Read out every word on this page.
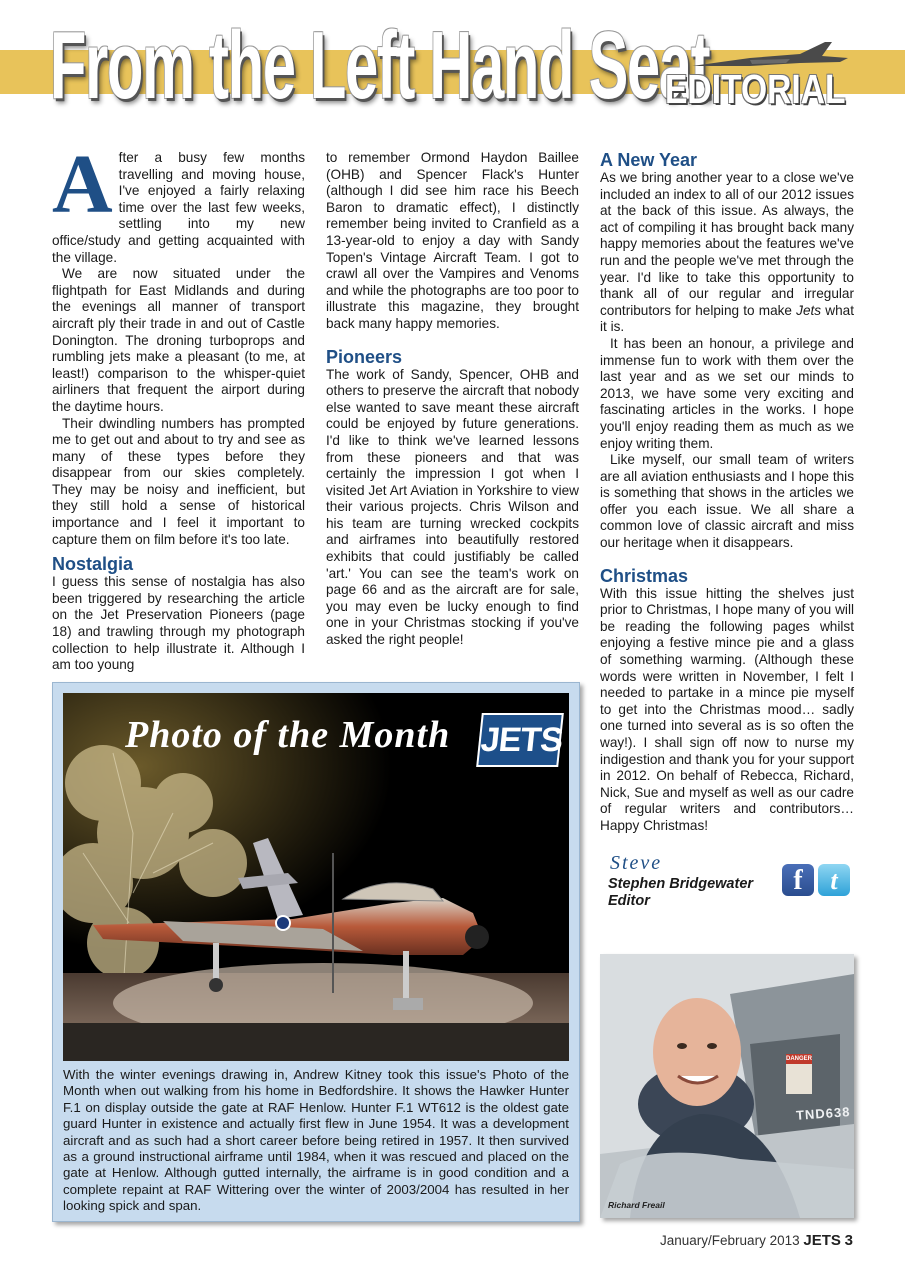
From the Left Hand Seat
EDITORIAL

After a busy few months travelling and moving house, I've enjoyed a fairly relaxing time over the last few weeks, settling into my new office/study and getting acquainted with the village.

We are now situated under the flightpath for East Midlands and during the evenings all manner of transport aircraft ply their trade in and out of Castle Donington. The droning turboprops and rumbling jets make a pleasant (to me, at least!) comparison to the whisper-quiet airliners that frequent the airport during the daytime hours.

Their dwindling numbers has prompted me to get out and about to try and see as many of these types before they disappear from our skies completely. They may be noisy and inefficient, but they still hold a sense of historical importance and I feel it important to capture them on film before it's too late.

Nostalgia

I guess this sense of nostalgia has also been triggered by researching the article on the Jet Preservation Pioneers (page 18) and trawling through my photograph collection to help illustrate it. Although I am too young

to remember Ormond Haydon Baillee (OHB) and Spencer Flack's Hunter (although I did see him race his Beech Baron to dramatic effect), I distinctly remember being invited to Cranfield as a 13-year-old to enjoy a day with Sandy Topen's Vintage Aircraft Team. I got to crawl all over the Vampires and Venoms and while the photographs are too poor to illustrate this magazine, they brought back many happy memories.

Pioneers

The work of Sandy, Spencer, OHB and others to preserve the aircraft that nobody else wanted to save meant these aircraft could be enjoyed by future generations. I'd like to think we've learned lessons from these pioneers and that was certainly the impression I got when I visited Jet Art Aviation in Yorkshire to view their various projects. Chris Wilson and his team are turning wrecked cockpits and airframes into beautifully restored exhibits that could justifiably be called 'art.' You can see the team's work on page 66 and as the aircraft are for sale, you may even be lucky enough to find one in your Christmas stocking if you've asked the right people!

A New Year

As we bring another year to a close we've included an index to all of our 2012 issues at the back of this issue. As always, the act of compiling it has brought back many happy memories about the features we've run and the people we've met through the year. I'd like to take this opportunity to thank all of our regular and irregular contributors for helping to make Jets what it is.

It has been an honour, a privilege and immense fun to work with them over the last year and as we set our minds to 2013, we have some very exciting and fascinating articles in the works. I hope you'll enjoy reading them as much as we enjoy writing them.

Like myself, our small team of writers are all aviation enthusiasts and I hope this is something that shows in the articles we offer you each issue. We all share a common love of classic aircraft and miss our heritage when it disappears.

Christmas

With this issue hitting the shelves just prior to Christmas, I hope many of you will be reading the following pages whilst enjoying a festive mince pie and a glass of something warming. (Although these words were written in November, I felt I needed to partake in a mince pie myself to get into the Christmas mood… sadly one turned into several as is so often the way!). I shall sign off now to nurse my indigestion and thank you for your support in 2012. On behalf of Rebecca, Richard, Nick, Sue and myself as well as our cadre of regular writers and contributors… Happy Christmas!

Photo of the Month JETS
With the winter evenings drawing in, Andrew Kitney took this issue's Photo of the Month when out walking from his home in Bedfordshire. It shows the Hawker Hunter F.1 on display outside the gate at RAF Henlow. Hunter F.1 WT612 is the oldest gate guard Hunter in existence and actually first flew in June 1954. It was a development aircraft and as such had a short career before being retired in 1957. It then survived as a ground instructional airframe until 1984, when it was rescued and placed on the gate at Henlow. Although gutted internally, the airframe is in good condition and a complete repaint at RAF Wittering over the winter of 2003/2004 has resulted in her looking spick and span.
Steve
Stephen Bridgewater
Editor
f	t
DANGER
TND638
Richard Freail
January/February 2013 JETS 3
